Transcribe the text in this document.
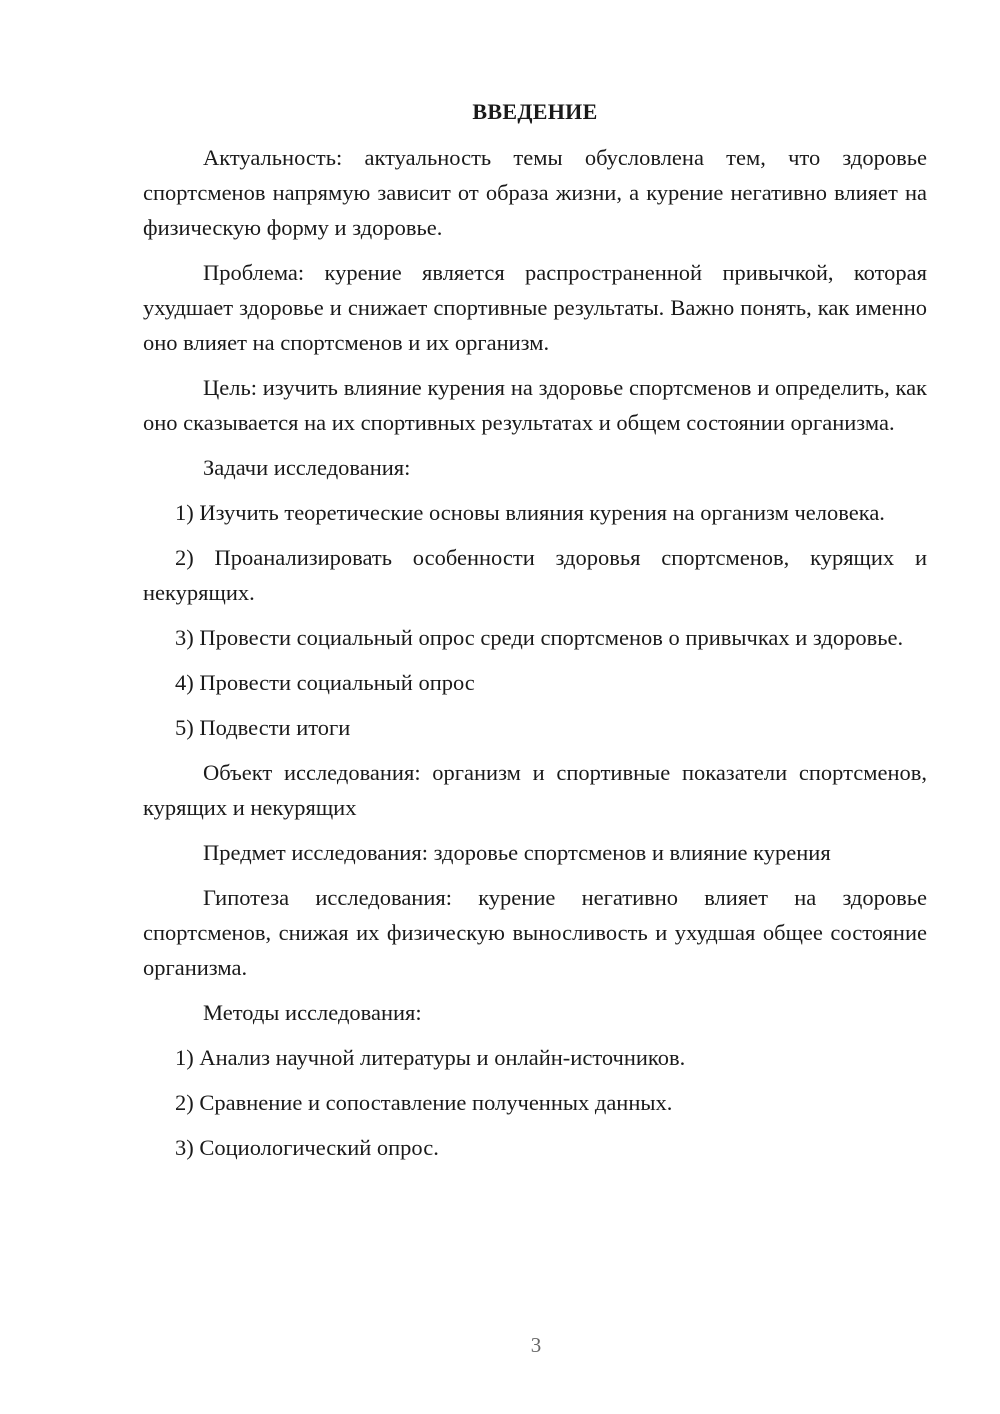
ВВЕДЕНИЕ

Актуальность: актуальность темы обусловлена тем, что здоровье спортсменов напрямую зависит от образа жизни, а курение негативно влияет на физическую форму и здоровье.

Проблема: курение является распространенной привычкой, которая ухудшает здоровье и снижает спортивные результаты. Важно понять, как именно оно влияет на спортсменов и их организм.

Цель: изучить влияние курения на здоровье спортсменов и определить, как оно сказывается на их спортивных результатах и общем состоянии организма.

Задачи исследования:

1) Изучить теоретические основы влияния курения на организм человека.

2) Проанализировать особенности здоровья спортсменов, курящих и некурящих.

3) Провести социальный опрос среди спортсменов о привычках и здоровье.

4) Провести социальный опрос

5) Подвести итоги

Объект исследования: организм и спортивные показатели спортсменов, курящих и некурящих

Предмет исследования: здоровье спортсменов и влияние курения

Гипотеза исследования: курение негативно влияет на здоровье спортсменов, снижая их физическую выносливость и ухудшая общее состояние организма.

Методы исследования:

1) Анализ научной литературы и онлайн-источников.

2) Сравнение и сопоставление полученных данных.

3) Социологический опрос.

3
